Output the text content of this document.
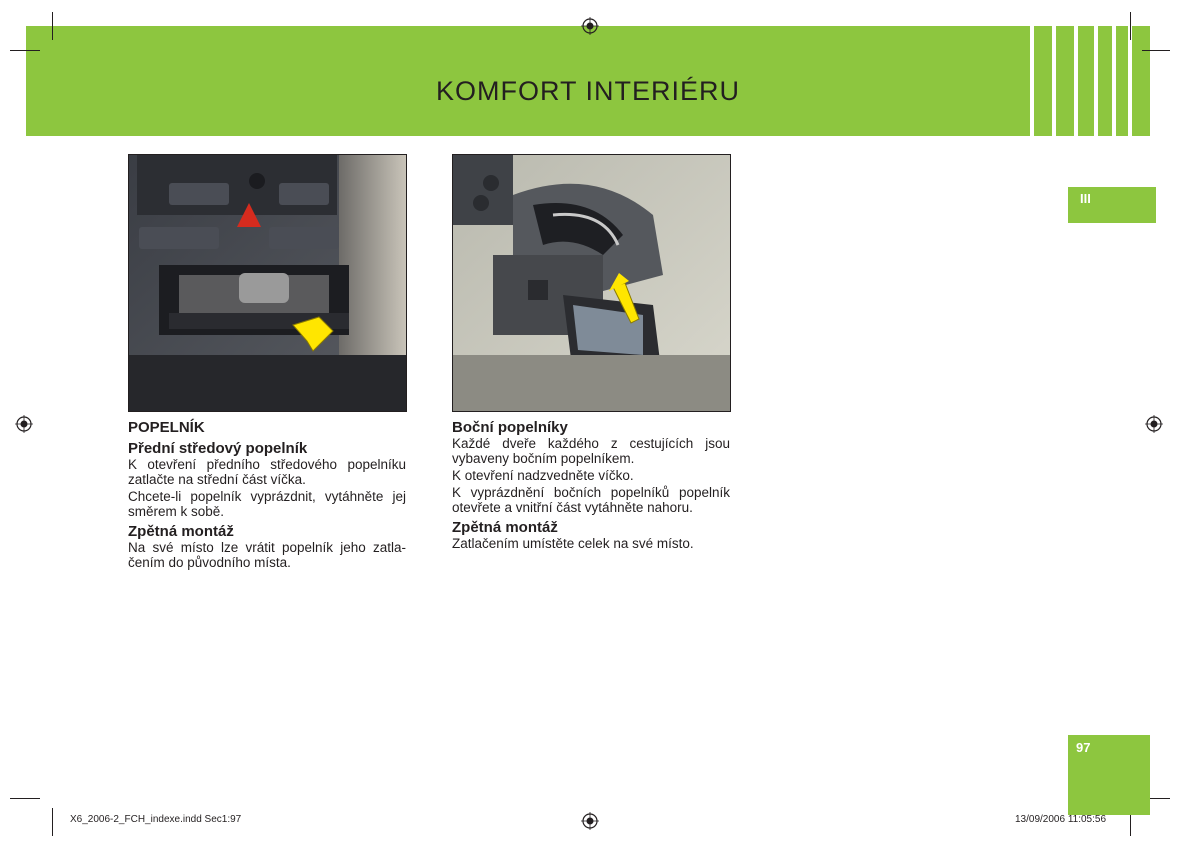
KOMFORT INTERIÉRU
POPELNÍK
Přední středový popelník

K otevření předního středového popelníku zatlačte na střední část víčka.

Chcete-li popelník vyprázdnit, vytáhněte jej směrem k sobě.

Zpětná montáž

Na své místo lze vrátit popelník jeho zatla-čením do původního místa.

Boční popelníky

Každé dveře každého z cestujících jsou vybaveny bočním popelníkem.

K otevření nadzvedněte víčko.

K vyprázdnění bočních popelníků popelník otevřete a vnitřní část vytáhněte nahoru.

Zpětná montáž

Zatlačením umístěte celek na své místo.

III
97
X6_2006-2_FCH_indexe.indd Sec1:97	13/09/2006 11:05:56
